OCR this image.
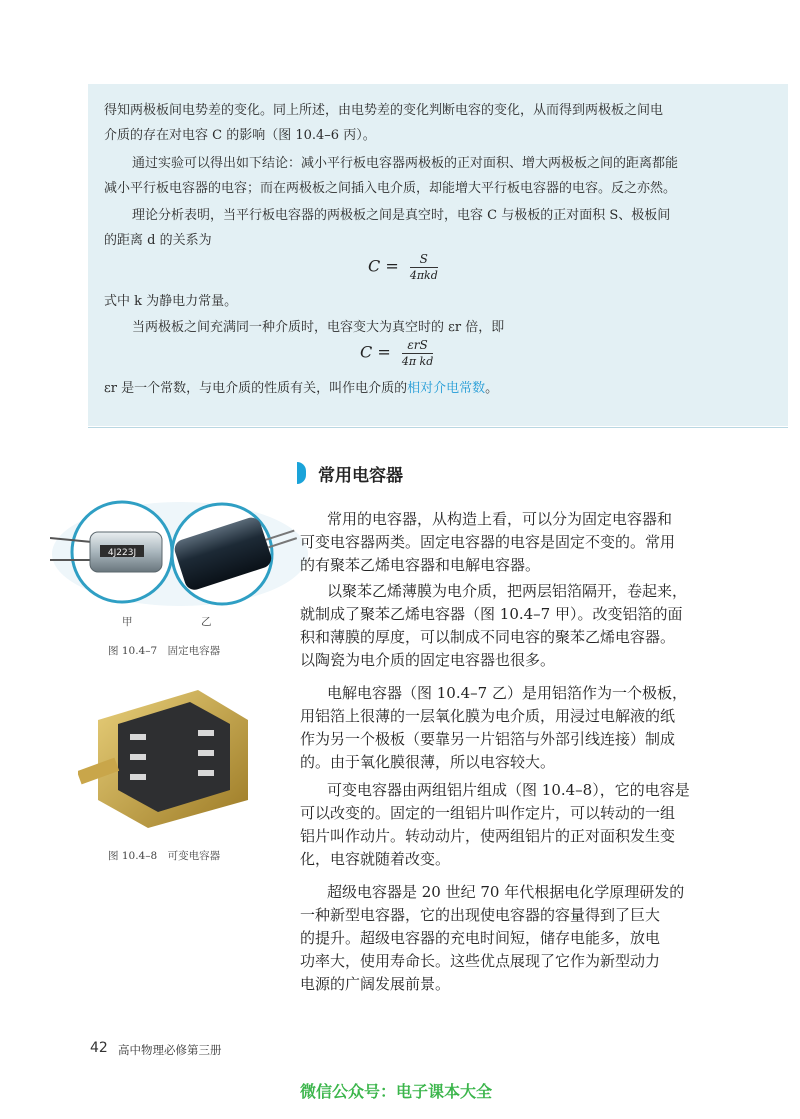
得知两极板间电势差的变化。同上所述，由电势差的变化判断电容的变化，从而得到两极板之间电
介质的存在对电容 C 的影响（图 10.4–6 丙）。
通过实验可以得出如下结论：减小平行板电容器两极板的正对面积、增大两极板之间的距离都能
减小平行板电容器的电容；而在两极板之间插入电介质，却能增大平行板电容器的电容。反之亦然。
理论分析表明，当平行板电容器的两极板之间是真空时，电容 C 与极板的正对面积 S、极板间
的距离 d 的关系为
$C = \frac{S}{\text{4πkd}}$
式中 k 为静电力常量。
当两极板之间充满同一种介质时，电容变大为真空时的 εr 倍，即
$C = \frac{\text{εrS}}{\text{4π kd}}$
εr 是一个常数，与电介质的性质有关，叫作电介质的相对介电常数。
常用电容器
4J223J
甲	乙
图 10.4–7　固定电容器
图 10.4–8　可变电容器
常用的电容器，从构造上看，可以分为固定电容器和
可变电容器两类。固定电容器的电容是固定不变的。常用
的有聚苯乙烯电容器和电解电容器。
以聚苯乙烯薄膜为电介质，把两层铝箔隔开，卷起来，
就制成了聚苯乙烯电容器（图 10.4–7 甲）。改变铝箔的面
积和薄膜的厚度，可以制成不同电容的聚苯乙烯电容器。
以陶瓷为电介质的固定电容器也很多。
电解电容器（图 10.4–7 乙）是用铝箔作为一个极板，
用铝箔上很薄的一层氧化膜为电介质，用浸过电解液的纸
作为另一个极板（要靠另一片铝箔与外部引线连接）制成
的。由于氧化膜很薄，所以电容较大。
可变电容器由两组铝片组成（图 10.4–8），它的电容是
可以改变的。固定的一组铝片叫作定片，可以转动的一组
铝片叫作动片。转动动片，使两组铝片的正对面积发生变
化，电容就随着改变。
超级电容器是 20 世纪 70 年代根据电化学原理研发的
一种新型电容器，它的出现使电容器的容量得到了巨大
的提升。超级电容器的充电时间短，储存电能多，放电
功率大，使用寿命长。这些优点展现了它作为新型动力
电源的广阔发展前景。
42 高中物理必修第三册
微信公众号：电子课本大全
